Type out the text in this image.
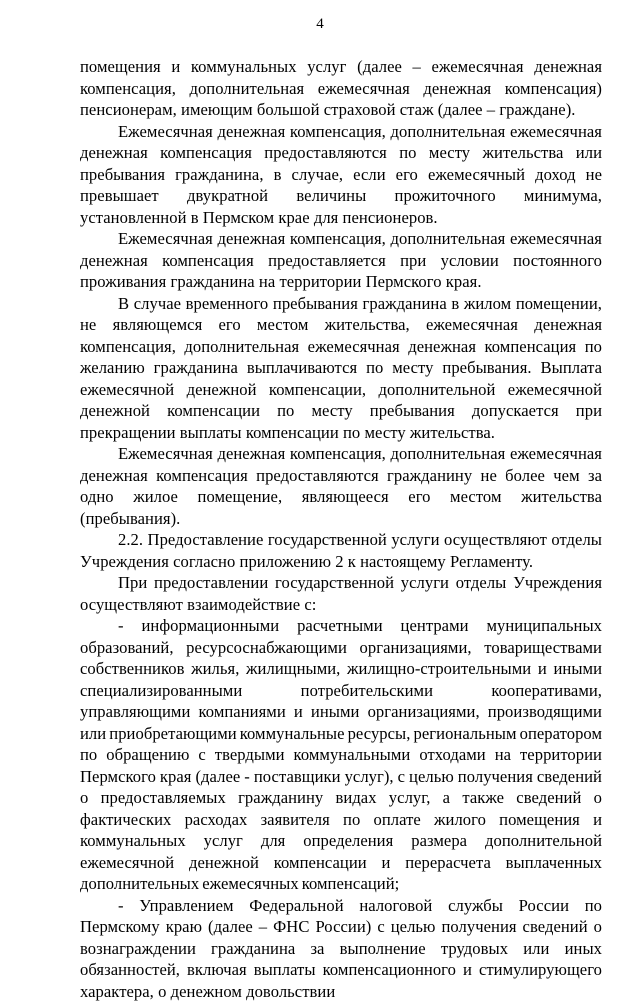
4

помещения и коммунальных услуг (далее – ежемесячная денежная компенсация, дополнительная ежемесячная денежная компенсация) пенсионерам, имеющим большой страховой стаж (далее – граждане).

Ежемесячная денежная компенсация, дополнительная ежемесячная денежная компенсация предоставляются по месту жительства или пребывания гражданина, в случае, если его ежемесячный доход не превышает двукратной величины прожиточного минимума, установленной в Пермском крае для пенсионеров.

Ежемесячная денежная компенсация, дополнительная ежемесячная денежная компенсация предоставляется при условии постоянного проживания гражданина на территории Пермского края.

В случае временного пребывания гражданина в жилом помещении, не являющемся его местом жительства, ежемесячная денежная компенсация, дополнительная ежемесячная денежная компенсация по желанию гражданина выплачиваются по месту пребывания. Выплата ежемесячной денежной компенсации, дополнительной ежемесячной денежной компенсации по месту пребывания допускается при прекращении выплаты компенсации по месту жительства.

Ежемесячная денежная компенсация, дополнительная ежемесячная денежная компенсация предоставляются гражданину не более чем за одно жилое помещение, являющееся его местом жительства (пребывания).

2.2. Предоставление государственной услуги осуществляют отделы Учреждения согласно приложению 2 к настоящему Регламенту.

При предоставлении государственной услуги отделы Учреждения осуществляют взаимодействие с:

- информационными расчетными центрами муниципальных образований, ресурсоснабжающими организациями, товариществами собственников жилья, жилищными, жилищно-строительными и иными специализированными потребительскими кооперативами, управляющими компаниями и иными организациями, производящими или приобретающими коммунальные ресурсы, региональным оператором по обращению с твердыми коммунальными отходами на территории Пермского края (далее - поставщики услуг), с целью получения сведений о предоставляемых гражданину видах услуг, а также сведений о фактических расходах заявителя по оплате жилого помещения и коммунальных услуг для определения размера дополнительной ежемесячной денежной компенсации и перерасчета выплаченных дополнительных ежемесячных компенсаций;

- Управлением Федеральной налоговой службы России по Пермскому краю (далее – ФНС России) с целью получения сведений о вознаграждении гражданина за выполнение трудовых или иных обязанностей, включая выплаты компенсационного и стимулирующего характера, о денежном довольствии
